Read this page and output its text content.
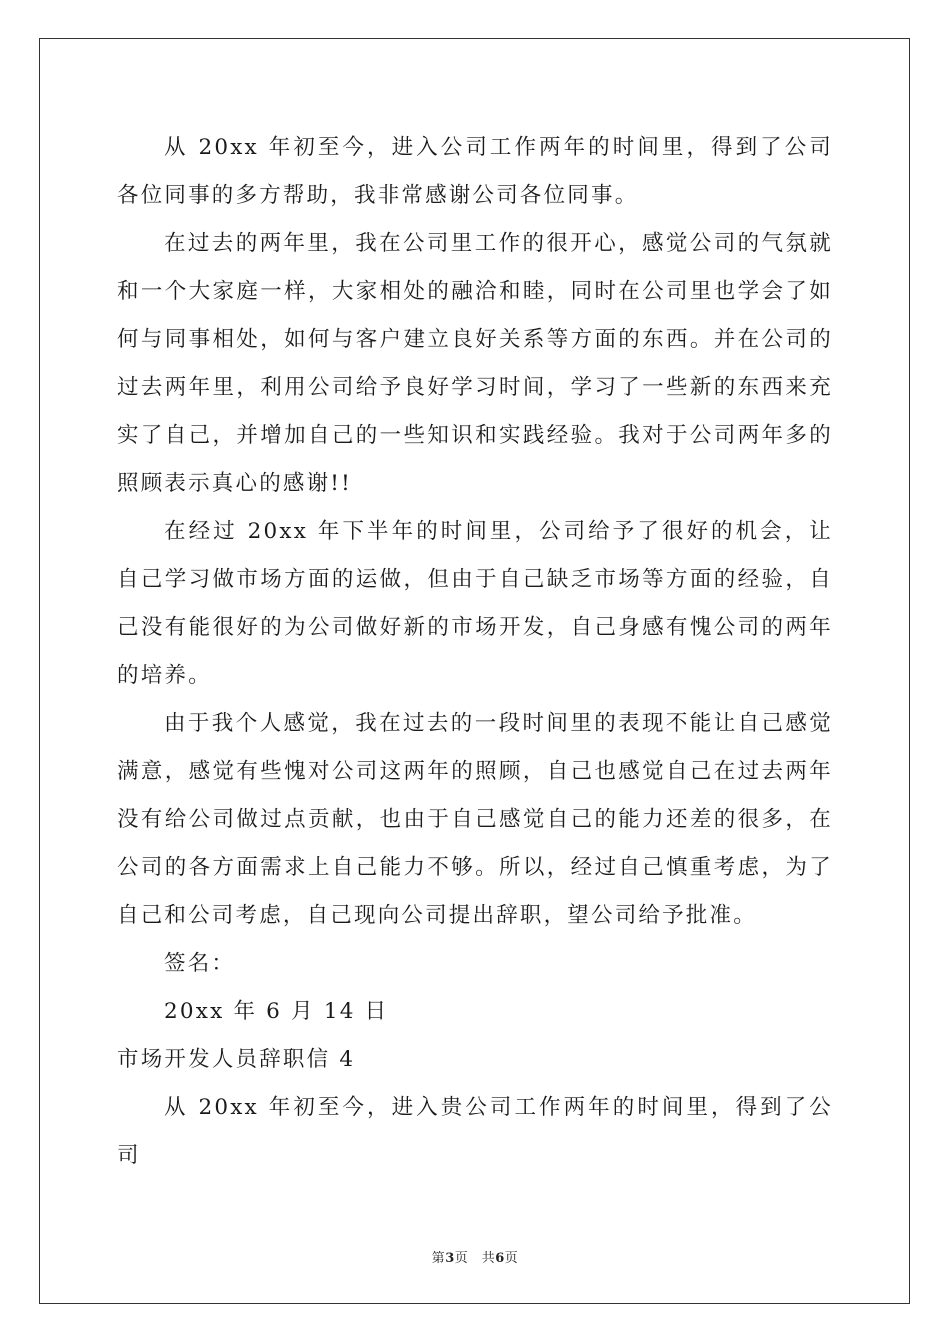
从 20xx 年初至今，进入公司工作两年的时间里，得到了公司各位同事的多方帮助，我非常感谢公司各位同事。

在过去的两年里，我在公司里工作的很开心，感觉公司的气氛就和一个大家庭一样，大家相处的融洽和睦，同时在公司里也学会了如何与同事相处，如何与客户建立良好关系等方面的东西。并在公司的过去两年里，利用公司给予良好学习时间，学习了一些新的东西来充实了自己，并增加自己的一些知识和实践经验。我对于公司两年多的照顾表示真心的感谢!!

在经过 20xx 年下半年的时间里，公司给予了很好的机会，让自己学习做市场方面的运做，但由于自己缺乏市场等方面的经验，自己没有能很好的为公司做好新的市场开发，自己身感有愧公司的两年的培养。

由于我个人感觉，我在过去的一段时间里的表现不能让自己感觉满意，感觉有些愧对公司这两年的照顾，自己也感觉自己在过去两年没有给公司做过点贡献，也由于自己感觉自己的能力还差的很多，在公司的各方面需求上自己能力不够。所以，经过自己慎重考虑，为了自己和公司考虑，自己现向公司提出辞职，望公司给予批准。

签名：

20xx 年 6 月 14 日

市场开发人员辞职信 4

从 20xx 年初至今，进入贵公司工作两年的时间里，得到了公司

第3页　共6页
